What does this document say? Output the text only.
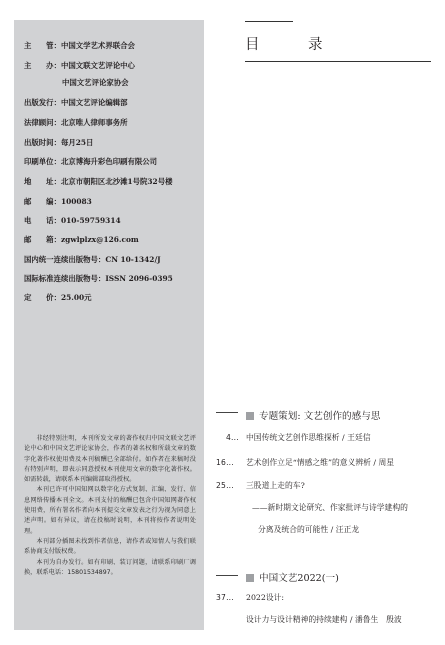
主　　管：中国文学艺术界联合会
主　　办：中国文联文艺评论中心
中国文艺评论家协会
出版发行：中国文艺评论编辑部
法律顾问：北京唯人律师事务所
出版时间：每月25日
印刷单位：北京博海升彩色印刷有限公司
地　　址：北京市朝阳区北沙滩1号院32号楼
邮　　编：100083
电　　话：010-59759314
邮　　箱：zgwlplzx@126.com
国内统一连续出版物号：CN 10-1342/J
国际标准连续出版物号：ISSN 2096-0395
定　　价：25.00元

非经特别注明，本刊所发文章的著作权归中国文联文艺评论中心和中国文艺评论家协会，作者的著名权和所载文章的数字化著作权使用费及本刊稿酬已全部给付。如作者在来稿时没有特别声明，即表示同意授权本刊使用文章的数字化著作权。如需转载，请联系本刊编辑部取得授权。

本刊已许可中国知网以数字化方式复制、汇编、发行、信息网络传播本刊全文。本刊支付的稿酬已包含中国知网著作权使用费，所有署名作者向本刊提交文章发表之行为视为同意上述声明。如有异议，请在投稿时说明，本刊将按作者说明处理。

本刊部分插图未找到作者信息，请作者或知情人与我们联系协商支付版权费。

本刊为自办发行。如有印刷、装订问题，请联系印刷厂调换，联系电话：15801534897。

目　录
专题策划: 文艺创作的感与思
4... 中国传统文艺创作思维探析 / 王廷信
16... 艺术创作立足“情感之维”的意义辨析 / 周星
25... 三股道上走的车?
——新时期文论研究、作家批评与诗学建构的
分离及统合的可能性 / 汪正龙
中国文艺2022(一)
37... 2022设计:
设计力与设计精神的持续建构 / 潘鲁生　殷波
